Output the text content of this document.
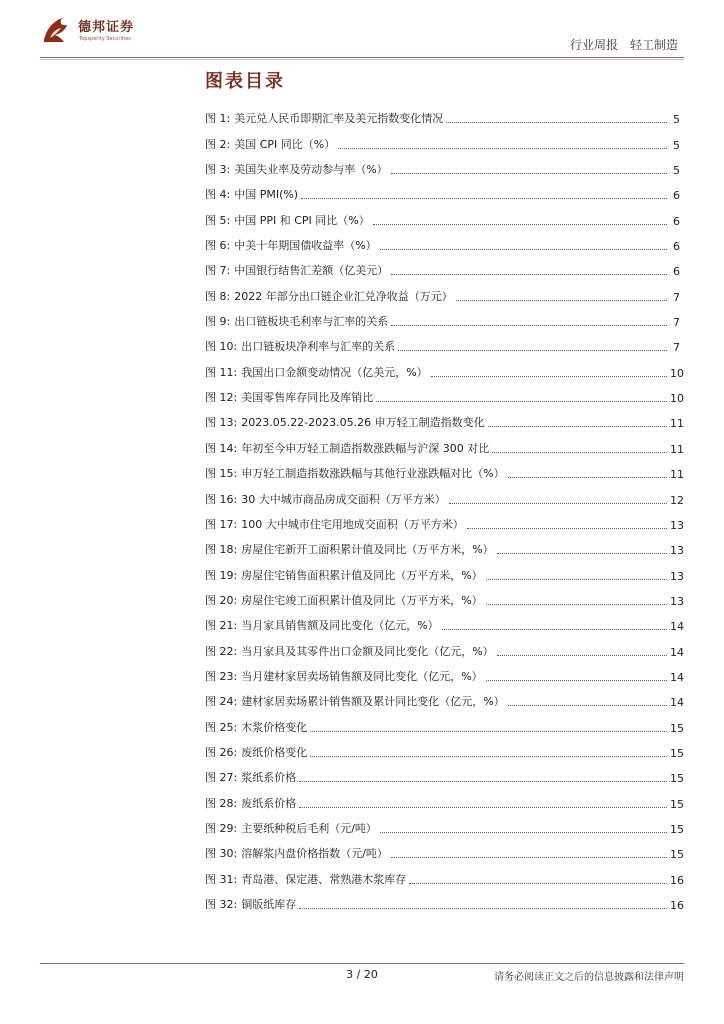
德邦证券
Topsperity Securities	行业周报 轻工制造
图表目录
图 1: 美元兑人民币即期汇率及美元指数变化情况	5
图 2: 美国 CPI 同比（%）	5
图 3: 美国失业率及劳动参与率（%）	5
图 4: 中国 PMI(%)	6
图 5: 中国 PPI 和 CPI 同比（%）	6
图 6: 中美十年期国债收益率（%）	6
图 7: 中国银行结售汇差额（亿美元）	6
图 8: 2022 年部分出口链企业汇兑净收益（万元）	7
图 9: 出口链板块毛利率与汇率的关系	7
图 10: 出口链板块净利率与汇率的关系	7
图 11: 我国出口金额变动情况（亿美元，%）	10
图 12: 美国零售库存同比及库销比	10
图 13: 2023.05.22-2023.05.26 申万轻工制造指数变化	11
图 14: 年初至今申万轻工制造指数涨跌幅与沪深 300 对比	11
图 15: 申万轻工制造指数涨跌幅与其他行业涨跌幅对比（%）	11
图 16: 30 大中城市商品房成交面积（万平方米）	12
图 17: 100 大中城市住宅用地成交面积（万平方米）	13
图 18: 房屋住宅新开工面积累计值及同比（万平方米，%）	13
图 19: 房屋住宅销售面积累计值及同比（万平方米，%）	13
图 20: 房屋住宅竣工面积累计值及同比（万平方米，%）	13
图 21: 当月家具销售额及同比变化（亿元，%）	14
图 22: 当月家具及其零件出口金额及同比变化（亿元，%）	14
图 23: 当月建材家居卖场销售额及同比变化（亿元，%）	14
图 24: 建材家居卖场累计销售额及累计同比变化（亿元，%）	14
图 25: 木浆价格变化	15
图 26: 废纸价格变化	15
图 27: 浆纸系价格	15
图 28: 废纸系价格	15
图 29: 主要纸种税后毛利（元/吨）	15
图 30: 溶解浆内盘价格指数（元/吨）	15
图 31: 青岛港、保定港、常熟港木浆库存	16
图 32: 铜版纸库存	16
3 / 20	请务必阅读正文之后的信息披露和法律声明
